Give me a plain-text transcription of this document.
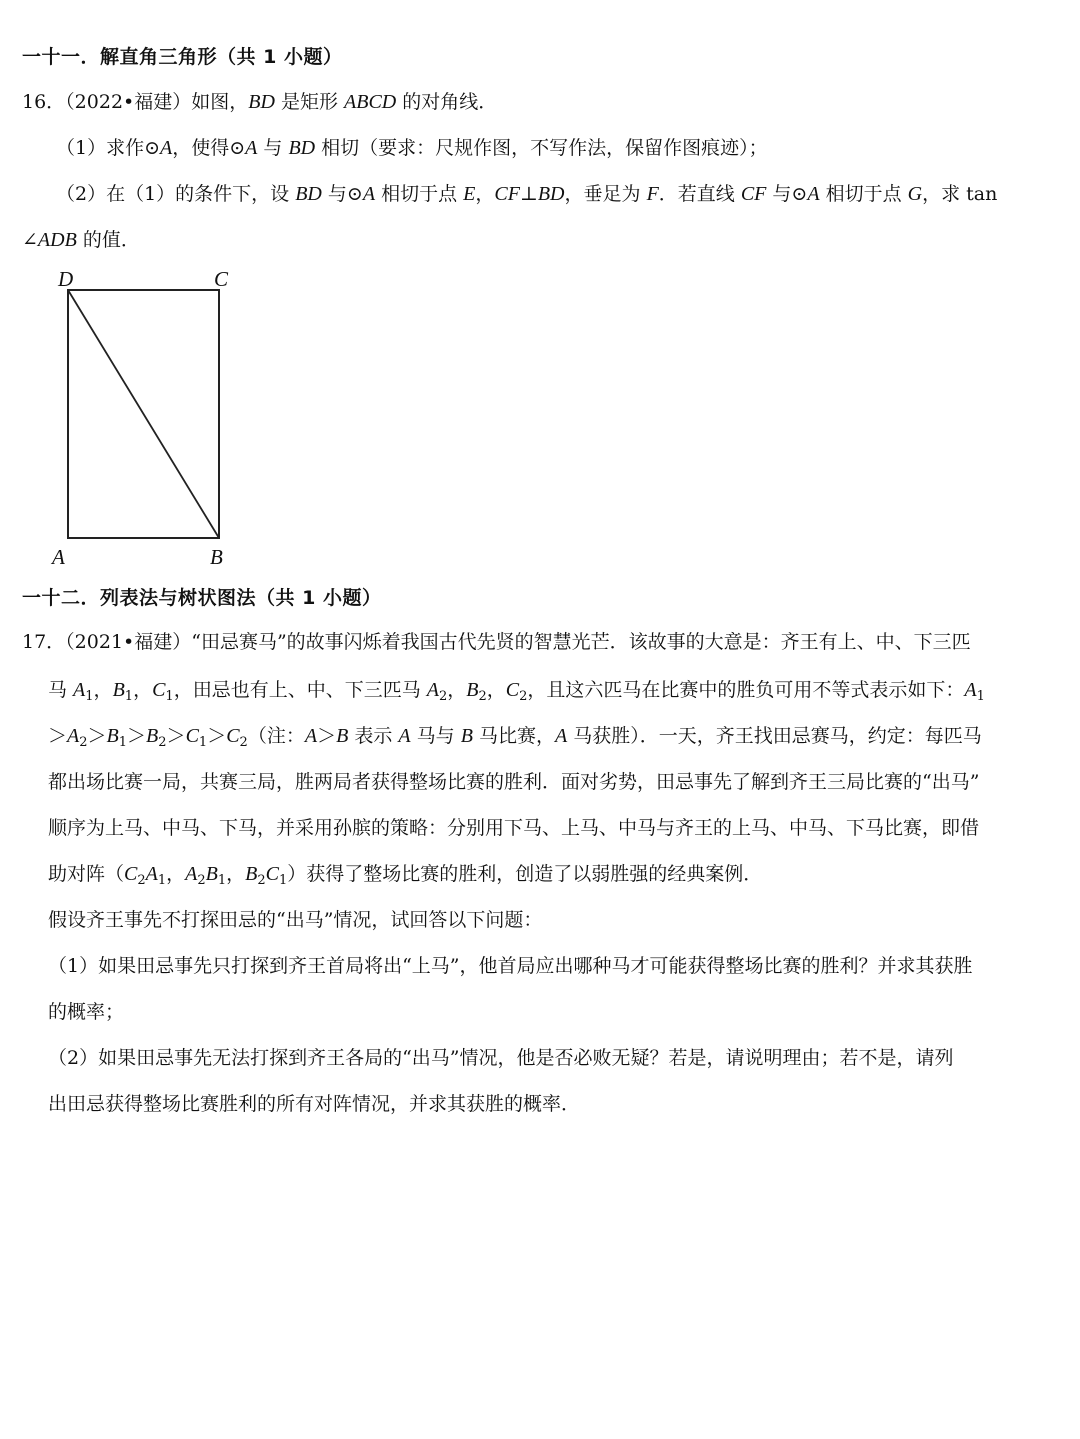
一十一．解直角三角形（共 1 小题）
16．（2022•福建）如图，BD 是矩形 ABCD 的对角线．
（1）求作⊙A，使得⊙A 与 BD 相切（要求：尺规作图，不写作法，保留作图痕迹）；
（2）在（1）的条件下，设 BD 与⊙A 相切于点 E，CF⊥BD，垂足为 F．若直线 CF 与⊙A 相切于点 G，求 tan
∠ADB 的值．
D	C
A	B
一十二．列表法与树状图法（共 1 小题）
17．（2021•福建）“田忌赛马”的故事闪烁着我国古代先贤的智慧光芒．该故事的大意是：齐王有上、中、下三匹
马 $A_1$，$B_1$，$C_1$，田忌也有上、中、下三匹马 $A_2$，$B_2$，$C_2$，且这六匹马在比赛中的胜负可用不等式表示如下：$A_1$
$>A_2>B_1>B_2>C_1>C_2$（注：A＞B 表示 A 马与 B 马比赛，A 马获胜）．一天，齐王找田忌赛马，约定：每匹马
都出场比赛一局，共赛三局，胜两局者获得整场比赛的胜利．面对劣势，田忌事先了解到齐王三局比赛的“出马”
顺序为上马、中马、下马，并采用孙膑的策略：分别用下马、上马、中马与齐王的上马、中马、下马比赛，即借
助对阵（$C_2A_1$，$A_2B_1$，$B_2C_1$）获得了整场比赛的胜利，创造了以弱胜强的经典案例．
假设齐王事先不打探田忌的“出马”情况，试回答以下问题：
（1）如果田忌事先只打探到齐王首局将出“上马”，他首局应出哪种马才可能获得整场比赛的胜利？并求其获胜
的概率；
（2）如果田忌事先无法打探到齐王各局的“出马”情况，他是否必败无疑？若是，请说明理由；若不是，请列
出田忌获得整场比赛胜利的所有对阵情况，并求其获胜的概率．
